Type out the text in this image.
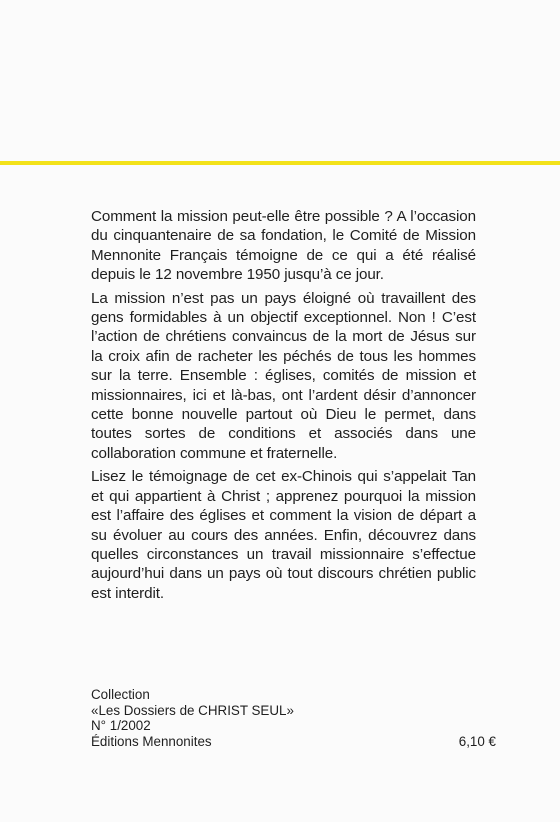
Comment la mission peut-elle être possible ? A l’occasion du cinquantenaire de sa fondation, le Comité de Mission Mennonite Français témoigne de ce qui a été réalisé depuis le 12 novembre 1950 jusqu’à ce jour.

La mission n’est pas un pays éloigné où travaillent des gens formidables à un objectif exceptionnel. Non ! C’est l’action de chrétiens convaincus de la mort de Jésus sur la croix afin de racheter les péchés de tous les hommes sur la terre. Ensemble : églises, comités de mission et missionnaires, ici et là-bas, ont l’ardent désir d’annoncer cette bonne nouvelle partout où Dieu le permet, dans toutes sortes de conditions et associés dans une collaboration commune et fraternelle.

Lisez le témoignage de cet ex-Chinois qui s’appelait Tan et qui appartient à Christ ; apprenez pourquoi la mission est l’affaire des églises et comment la vision de départ a su évoluer au cours des années. Enfin, découvrez dans quelles circonstances un travail missionnaire s’effectue aujourd’hui dans un pays où tout discours chrétien public est interdit.

Collection
«Les Dossiers de CHRIST SEUL»
N° 1/2002
Éditions Mennonites	6,10 €
